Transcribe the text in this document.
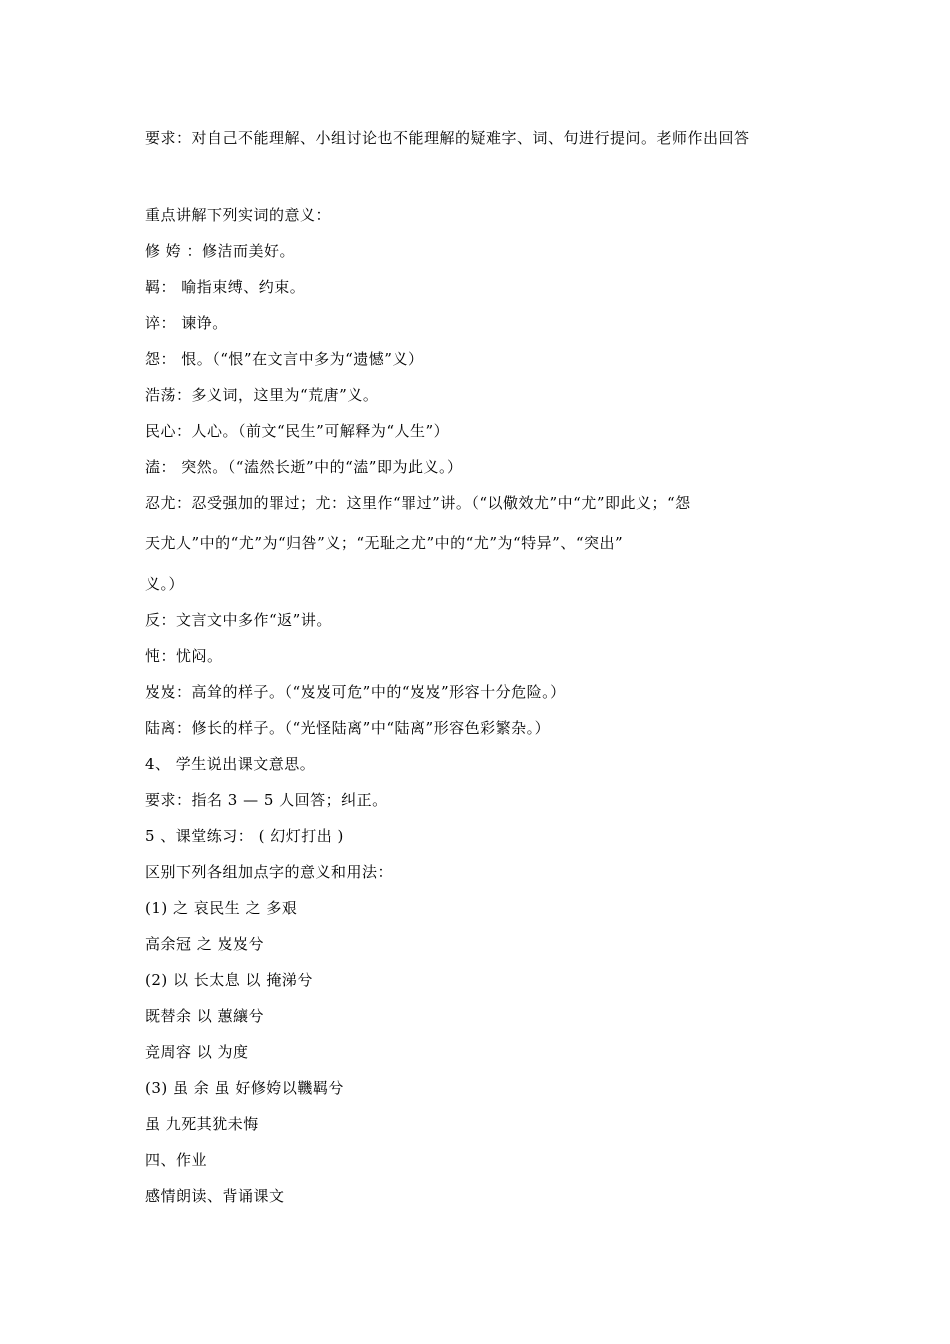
要求：对自己不能理解、小组讨论也不能理解的疑难字、词、句进行提问。老师作出回答
重点讲解下列实词的意义：
修 姱 ：修洁而美好。
羁： 喻指束缚、约束。
谇： 谏诤。
怨： 恨。（“恨”在文言中多为“遗憾”义）
浩荡：多义词，这里为“荒唐”义。
民心：人心。（前文“民生”可解释为“人生”）
溘： 突然。（“溘然长逝”中的“溘”即为此义。）
忍尤：忍受强加的罪过；尤：这里作“罪过”讲。（“以儆效尤”中“尤”即此义；“怨
天尤人”中的“尤”为“归咎”义；“无耻之尤”中的“尤”为“特异”、“突出”
义。）
反：文言文中多作“返”讲。
忳：忧闷。
岌岌：高耸的样子。（“岌岌可危”中的“岌岌”形容十分危险。）
陆离：修长的样子。（“光怪陆离”中“陆离”形容色彩繁杂。）
4、 学生说出课文意思。
要求：指名 3 — 5 人回答；纠正。
5 、课堂练习： ( 幻灯打出 )
区别下列各组加点字的意义和用法：
(1) 之 哀民生 之 多艰
高余冠 之 岌岌兮
(2) 以 长太息 以 掩涕兮
既替余 以 蕙纕兮
竞周容 以 为度
(3) 虽 余 虽 好修姱以鞿羁兮
虽 九死其犹未悔
四、作业
感情朗读、背诵课文
